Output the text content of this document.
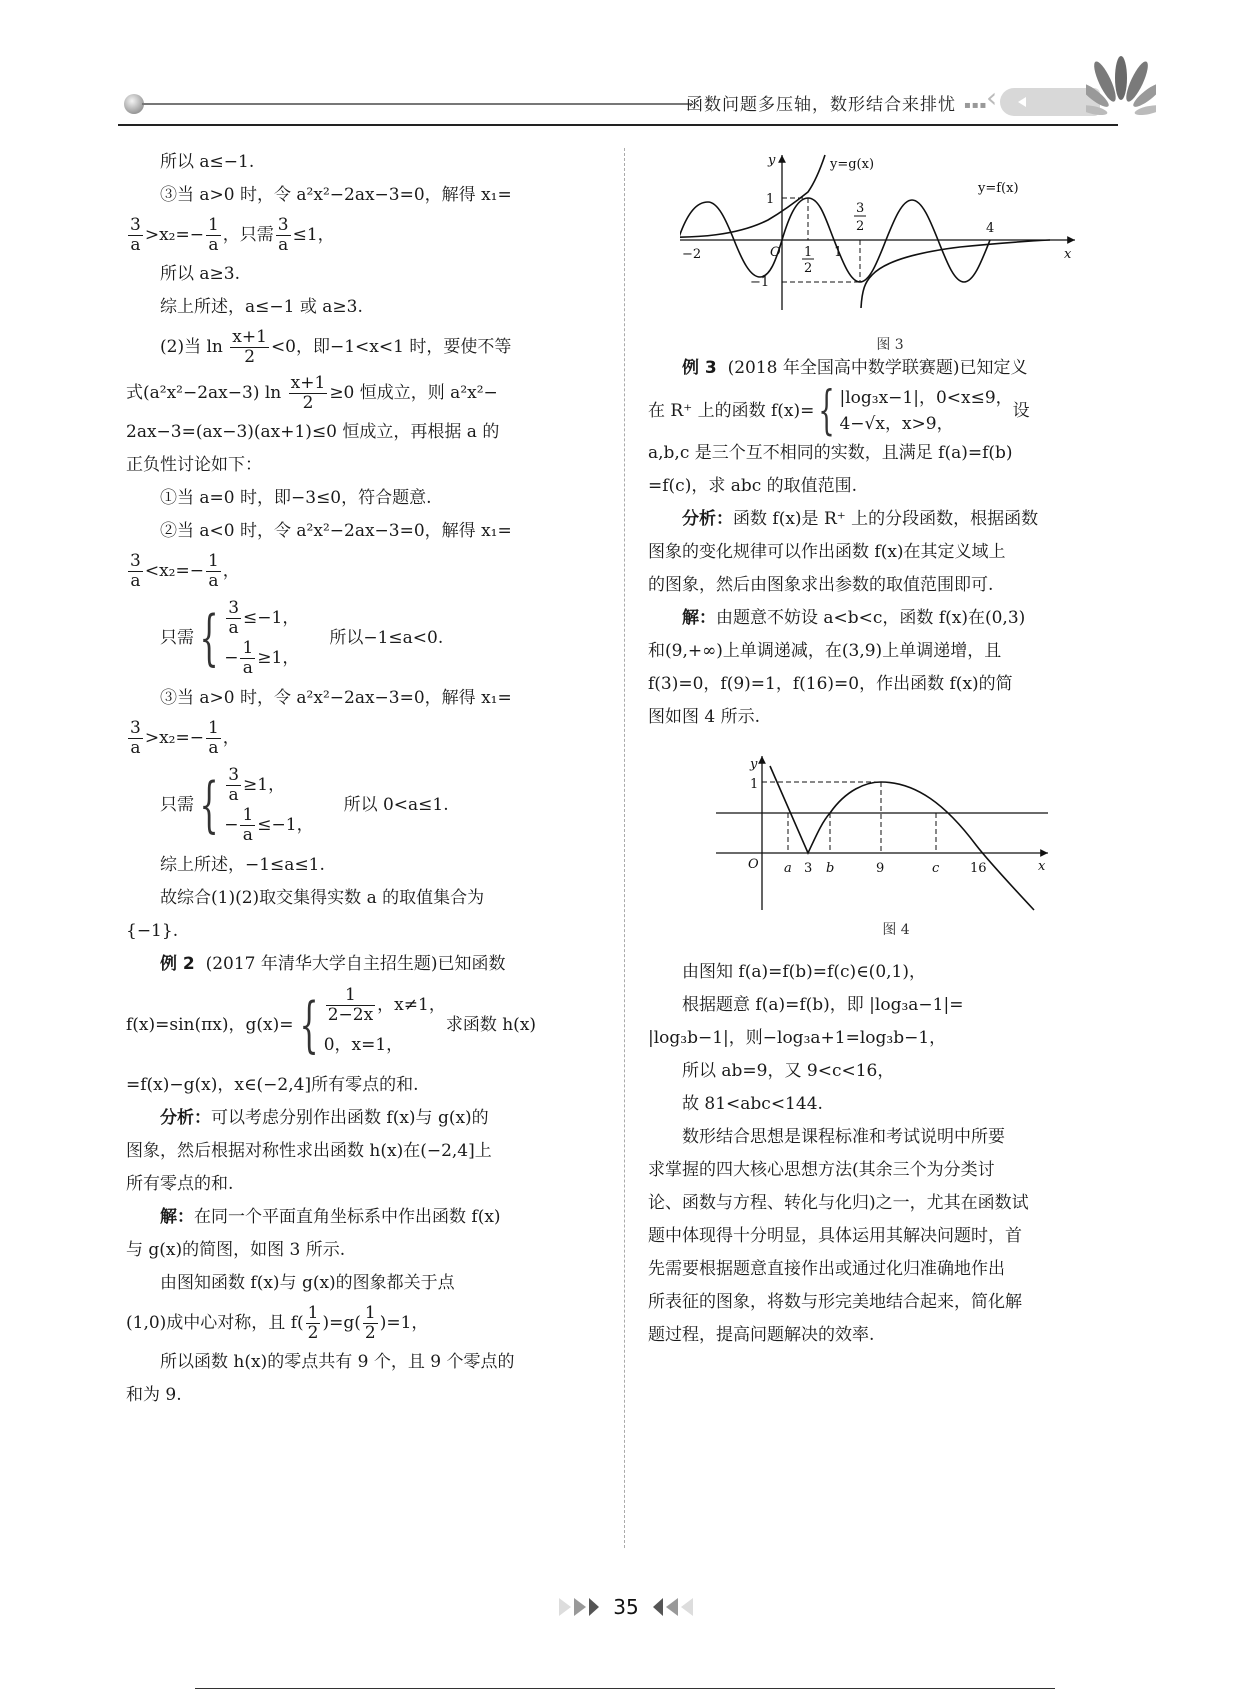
函数问题多压轴，数形结合来排忧 ▪▪▪
‹

所以 a≤−1.

③当 a>0 时，令 a²x²−2ax−3=0，解得 x₁=

$\frac{3}{a} >x_2=- \frac{1}{a}$ ，只需 $\frac{3}{a} \le 1$，

所以 a≥3.

综上所述，a≤−1 或 a≥3.

(2)当 $\ln \frac{x+1}{2} <0$，即−1<x<1 时，要使不等

式(a²x²−2ax−3) $\ln \frac{x+1}{2} \ge 0$ 恒成立，则 a²x²−

2ax−3=(ax−3)(ax+1)≤0 恒成立，再根据 a 的

正负性讨论如下：

①当 a=0 时，即−3≤0，符合题意.

②当 a<0 时，令 a²x²−2ax−3=0，解得 x₁=

$\frac{3}{a} <x_2=- \frac{1}{a}$ ，

只需 { $\frac{3}{a} \le-1$，
− $\frac{1}{a} \ge 1$，
所以−1≤a<0.

③当 a>0 时，令 a²x²−2ax−3=0，解得 x₁=

$\frac{3}{a} >x_2=- \frac{1}{a}$ ，

只需 { $\frac{3}{a} \ge 1$，
− $\frac{1}{a} \le-1$，
所以 0<a≤1.

综上所述，−1≤a≤1.

故综合(1)(2)取交集得实数 a 的取值集合为

{−1}.

例 2 (2017 年清华大学自主招生题)已知函数

f(x)=sin(πx)，g(x)= { $\frac{1}{2-2x}$ ，x≠1，
0，x=1，
求函数 h(x)

=f(x)−g(x)，x∈(−2,4]所有零点的和.

分析：可以考虑分别作出函数 f(x)与 g(x)的

图象，然后根据对称性求出函数 h(x)在(−2,4]上

所有零点的和.

解：在同一个平面直角坐标系中作出函数 f(x)

与 g(x)的简图，如图 3 所示.

由图知函数 f(x)与 g(x)的图象都关于点

(1,0)成中心对称，且 $f( \frac{1}{2} )=g( \frac{1}{2} )=1$，

所以函数 h(x)的零点共有 9 个，且 9 个零点的

和为 9.

y
x
O
y=g(x)
y=f(x)
1
−1
−2	1
2
1
3
2	4
图 3

例 3 (2018 年全国高中数学联赛题)已知定义

在 R⁺ 上的函数 f(x)= { |log₃x−1|，0<x≤9，
4−√x，x>9，
设

a,b,c 是三个互不相同的实数，且满足 f(a)=f(b)

=f(c)，求 abc 的取值范围.

分析：函数 f(x)是 R⁺ 上的分段函数，根据函数

图象的变化规律可以作出函数 f(x)在其定义域上

的图象，然后由图象求出参数的取值范围即可.

解：由题意不妨设 a<b<c，函数 f(x)在(0,3)

和(9,+∞)上单调递减，在(3,9)上单调递增，且

f(3)=0，f(9)=1，f(16)=0，作出函数 f(x)的简

图如图 4 所示.

y
x
O
1
a 3 b	9	c 16
图 4

由图知 f(a)=f(b)=f(c)∈(0,1)，

根据题意 f(a)=f(b)，即 |log₃a−1|=

|log₃b−1|，则−log₃a+1=log₃b−1，

所以 ab=9，又 9<c<16，

故 81<abc<144.

数形结合思想是课程标准和考试说明中所要

求掌握的四大核心思想方法(其余三个为分类讨

论、函数与方程、转化与化归)之一，尤其在函数试

题中体现得十分明显，具体运用其解决问题时，首

先需要根据题意直接作出或通过化归准确地作出

所表征的图象，将数与形完美地结合起来，简化解

题过程，提高问题解决的效率.

35
